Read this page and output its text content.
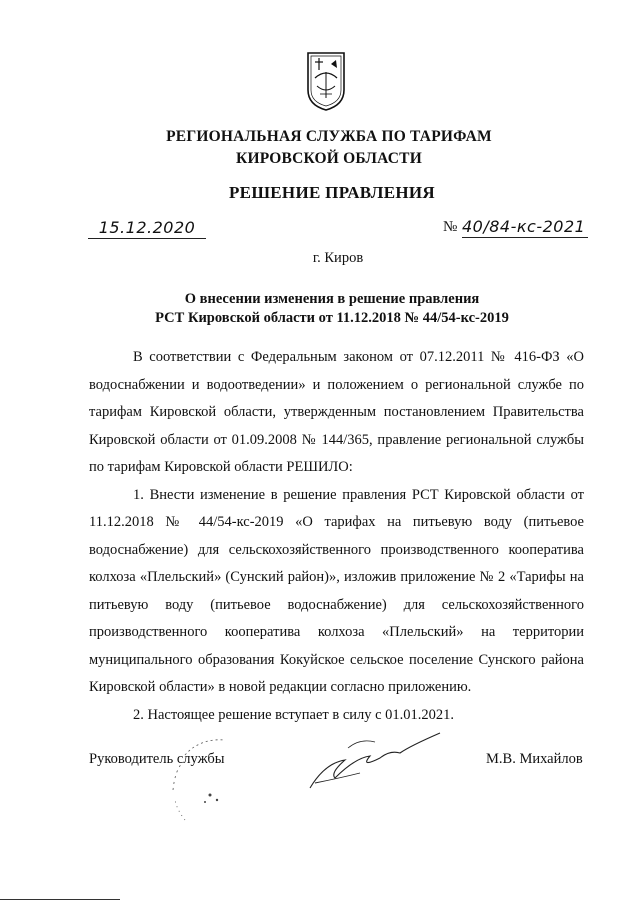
РЕГИОНАЛЬНАЯ СЛУЖБА ПО ТАРИФАМ
КИРОВСКОЙ ОБЛАСТИ
РЕШЕНИЕ ПРАВЛЕНИЯ
15.12.2020	№ 40/84-кс-2021
г. Киров
О внесении изменения в решение правления
РСТ Кировской области от 11.12.2018 № 44/54-кс-2019

В соответствии с Федеральным законом от 07.12.2011 № 416-ФЗ «О водоснабжении и водоотведении» и положением о региональной службе по тарифам Кировской области, утвержденным постановлением Правительства Кировской области от 01.09.2008 № 144/365, правление региональной службы по тарифам Кировской области РЕШИЛО:

1. Внести изменение в решение правления РСТ Кировской области от 11.12.2018 № 44/54-кс-2019 «О тарифах на питьевую воду (питьевое водоснабжение) для сельскохозяйственного производственного кооператива колхоза «Плельский» (Сунский район)», изложив приложение № 2 «Тарифы на питьевую воду (питьевое водоснабжение) для сельскохозяйственного производственного кооператива колхоза «Плельский» на территории муниципального образования Кокуйское сельское поселение Сунского района Кировской области» в новой редакции согласно приложению.

2. Настоящее решение вступает в силу с 01.01.2021.

Руководитель службы	М.В. Михайлов
